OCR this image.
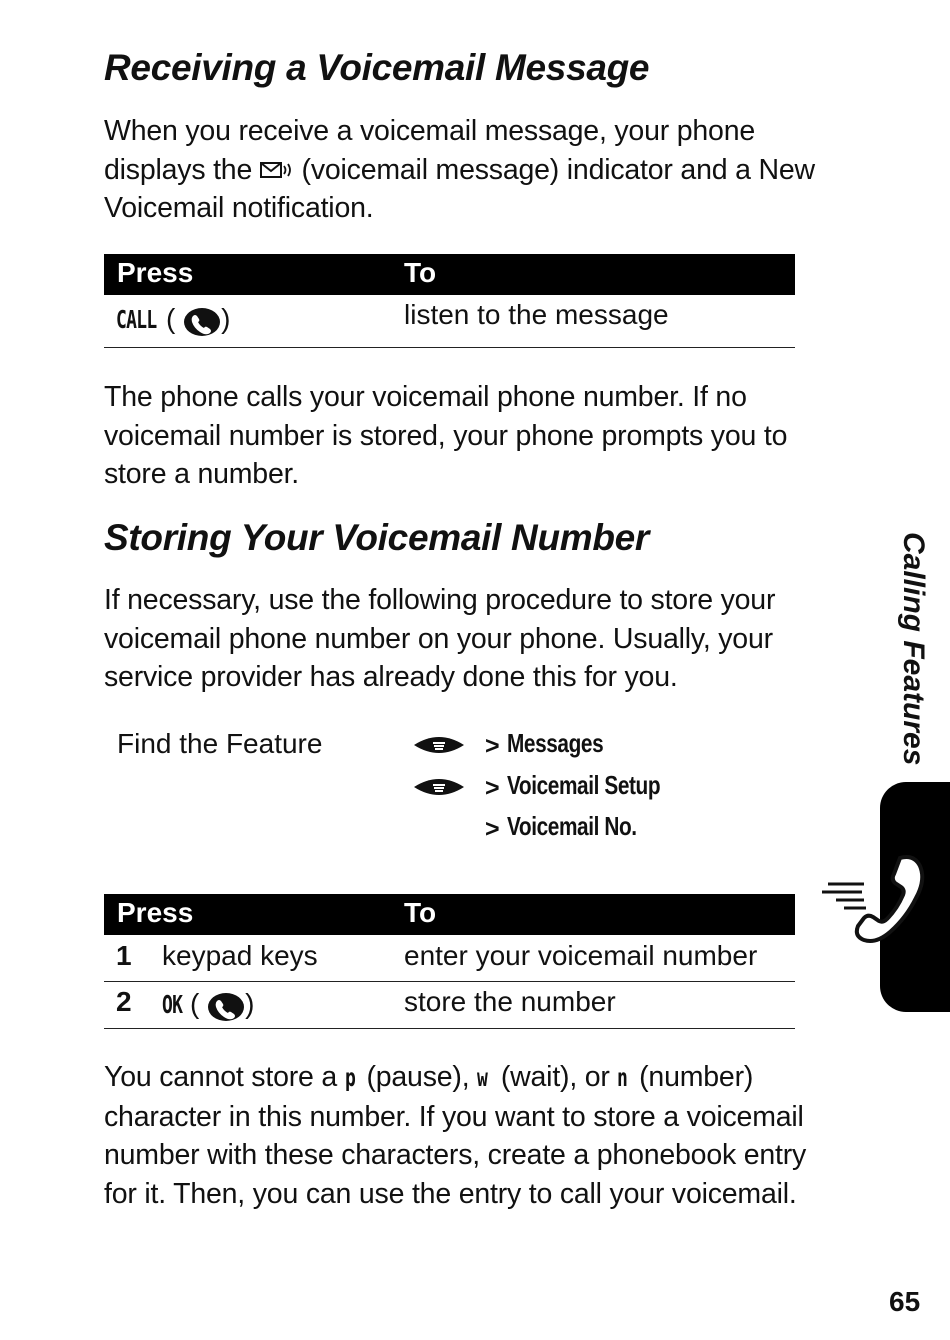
Receiving a Voicemail Message

When you receive a voicemail message, your phone
displays the (voicemail message) indicator and a New
Voicemail notification.

Press	To
CALL ( )	listen to the message

The phone calls your voicemail phone number. If no
voicemail number is stored, your phone prompts you to
store a number.

Storing Your Voicemail Number

If necessary, use the following procedure to store your
voicemail phone number on your phone. Usually, your
service provider has already done this for you.

Find the Feature	> Messages
> Voicemail Setup
> Voicemail No.
Press	To
1 keypad keys	enter your voicemail number
2 OK ( )	store the number

You cannot store a p (pause), w (wait), or n (number)
character in this number. If you want to store a voicemail
number with these characters, create a phonebook entry
for it. Then, you can use the entry to call your voicemail.

Calling Features
65
